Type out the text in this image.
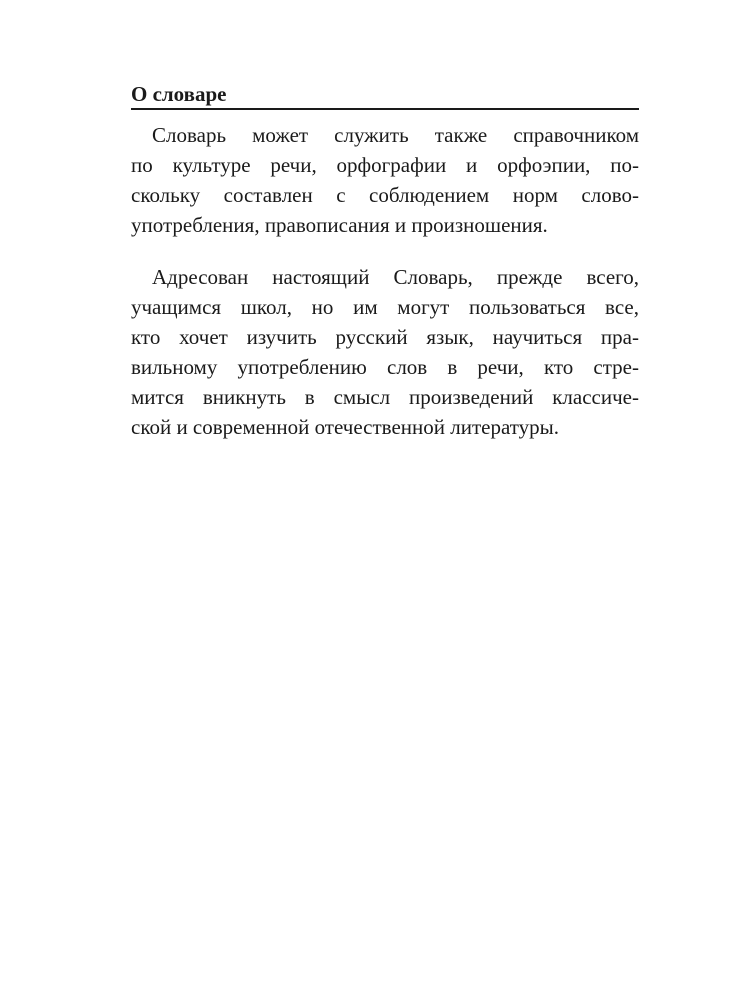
О словаре
Словарь может служить также справочником
по культуре речи, орфографии и орфоэпии, по-
скольку составлен с соблюдением норм слово-
употребления, правописания и произношения.
Адресован настоящий Словарь, прежде всего,
учащимся школ, но им могут пользоваться все,
кто хочет изучить русский язык, научиться пра-
вильному употреблению слов в речи, кто стре-
мится вникнуть в смысл произведений классиче-
ской и современной отечественной литературы.
